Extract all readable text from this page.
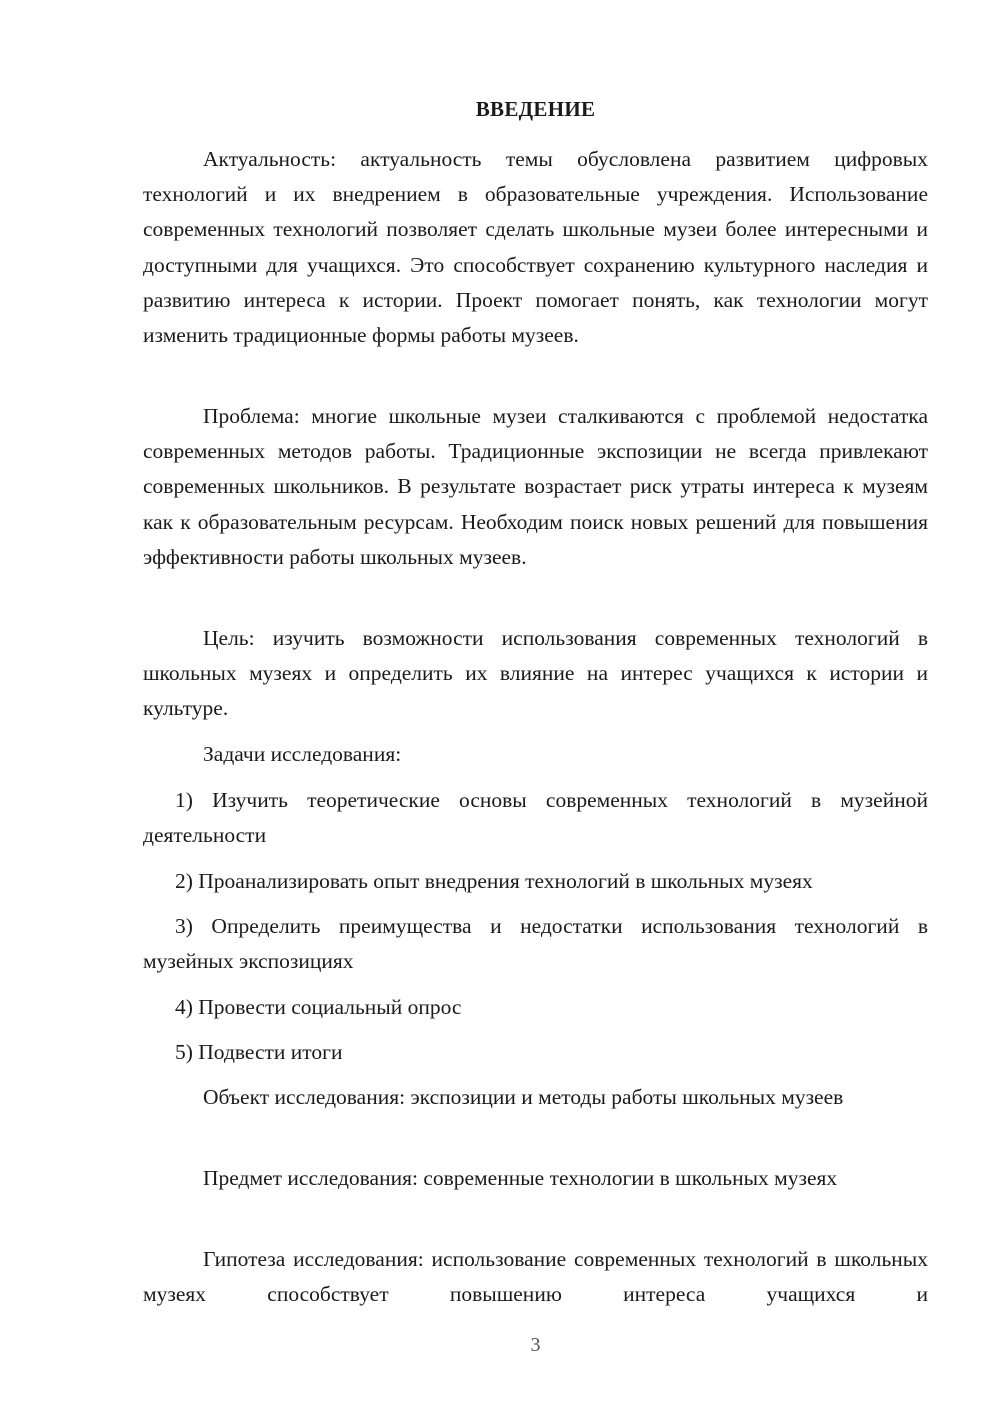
ВВЕДЕНИЕ

Актуальность: актуальность темы обусловлена развитием цифровых технологий и их внедрением в образовательные учреждения. Использование современных технологий позволяет сделать школьные музеи более интересными и доступными для учащихся. Это способствует сохранению культурного наследия и развитию интереса к истории. Проект помогает понять, как технологии могут изменить традиционные формы работы музеев.

Проблема: многие школьные музеи сталкиваются с проблемой недостатка современных методов работы. Традиционные экспозиции не всегда привлекают современных школьников. В результате возрастает риск утраты интереса к музеям как к образовательным ресурсам. Необходим поиск новых решений для повышения эффективности работы школьных музеев.

Цель: изучить возможности использования современных технологий в школьных музеях и определить их влияние на интерес учащихся к истории и культуре.

Задачи исследования:

1) Изучить теоретические основы современных технологий в музейной деятельности

2) Проанализировать опыт внедрения технологий в школьных музеях

3) Определить преимущества и недостатки использования технологий в музейных экспозициях

4) Провести социальный опрос

5) Подвести итоги

Объект исследования: экспозиции и методы работы школьных музеев

Предмет исследования: современные технологии в школьных музеях

Гипотеза исследования: использование современных технологий в школьных музеях способствует повышению интереса учащихся и

3
